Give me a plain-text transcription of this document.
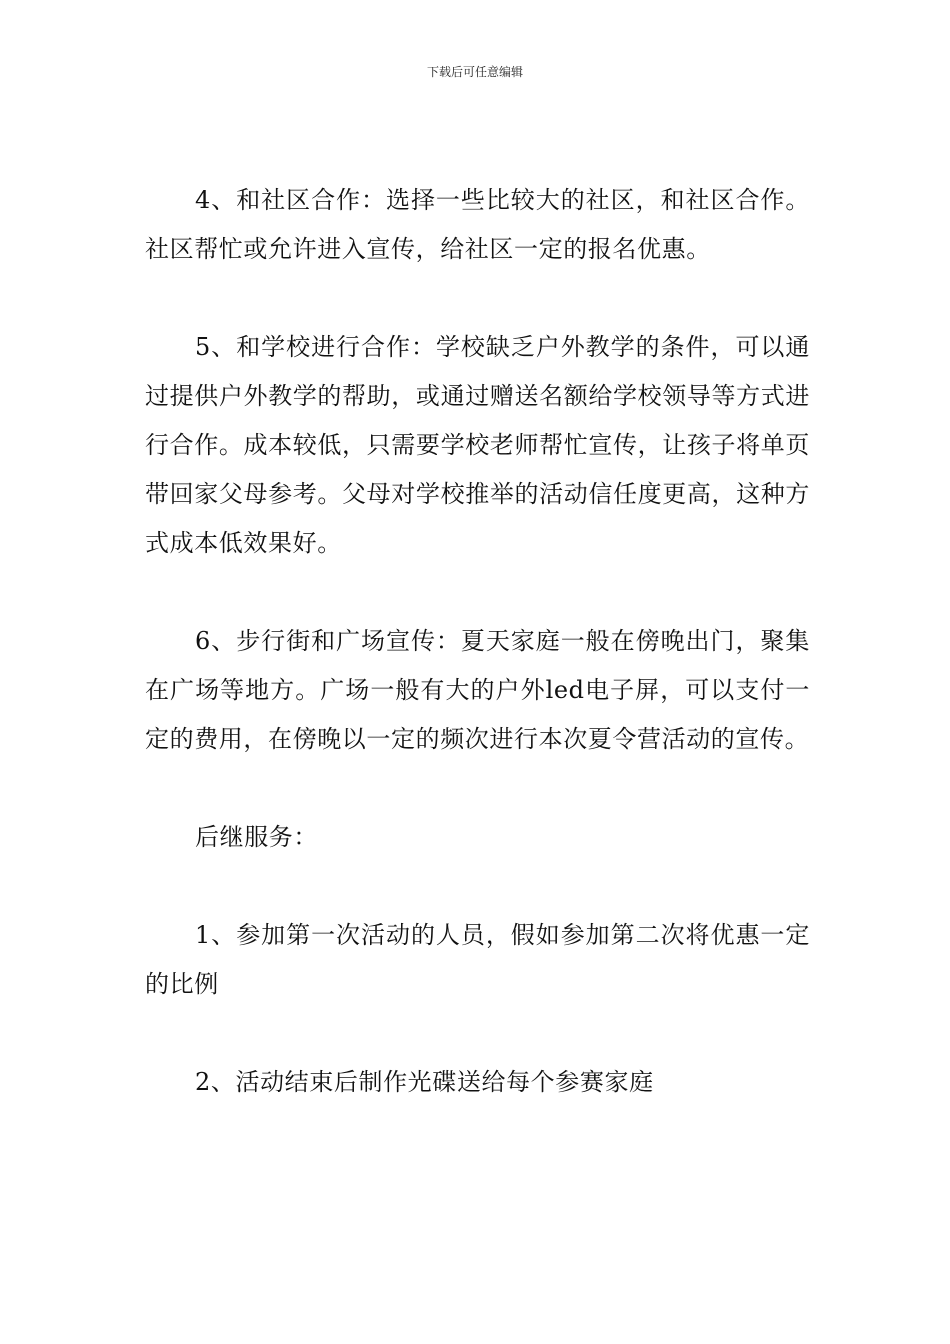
下载后可任意编辑

4、和社区合作：选择一些比较大的社区，和社区合作。社区帮忙或允许进入宣传，给社区一定的报名优惠。

5、和学校进行合作：学校缺乏户外教学的条件，可以通过提供户外教学的帮助，或通过赠送名额给学校领导等方式进行合作。成本较低，只需要学校老师帮忙宣传，让孩子将单页带回家父母参考。父母对学校推举的活动信任度更高，这种方式成本低效果好。

6、步行街和广场宣传：夏天家庭一般在傍晚出门，聚集在广场等地方。广场一般有大的户外led电子屏，可以支付一定的费用，在傍晚以一定的频次进行本次夏令营活动的宣传。

后继服务：

1、参加第一次活动的人员，假如参加第二次将优惠一定的比例

2、活动结束后制作光碟送给每个参赛家庭
